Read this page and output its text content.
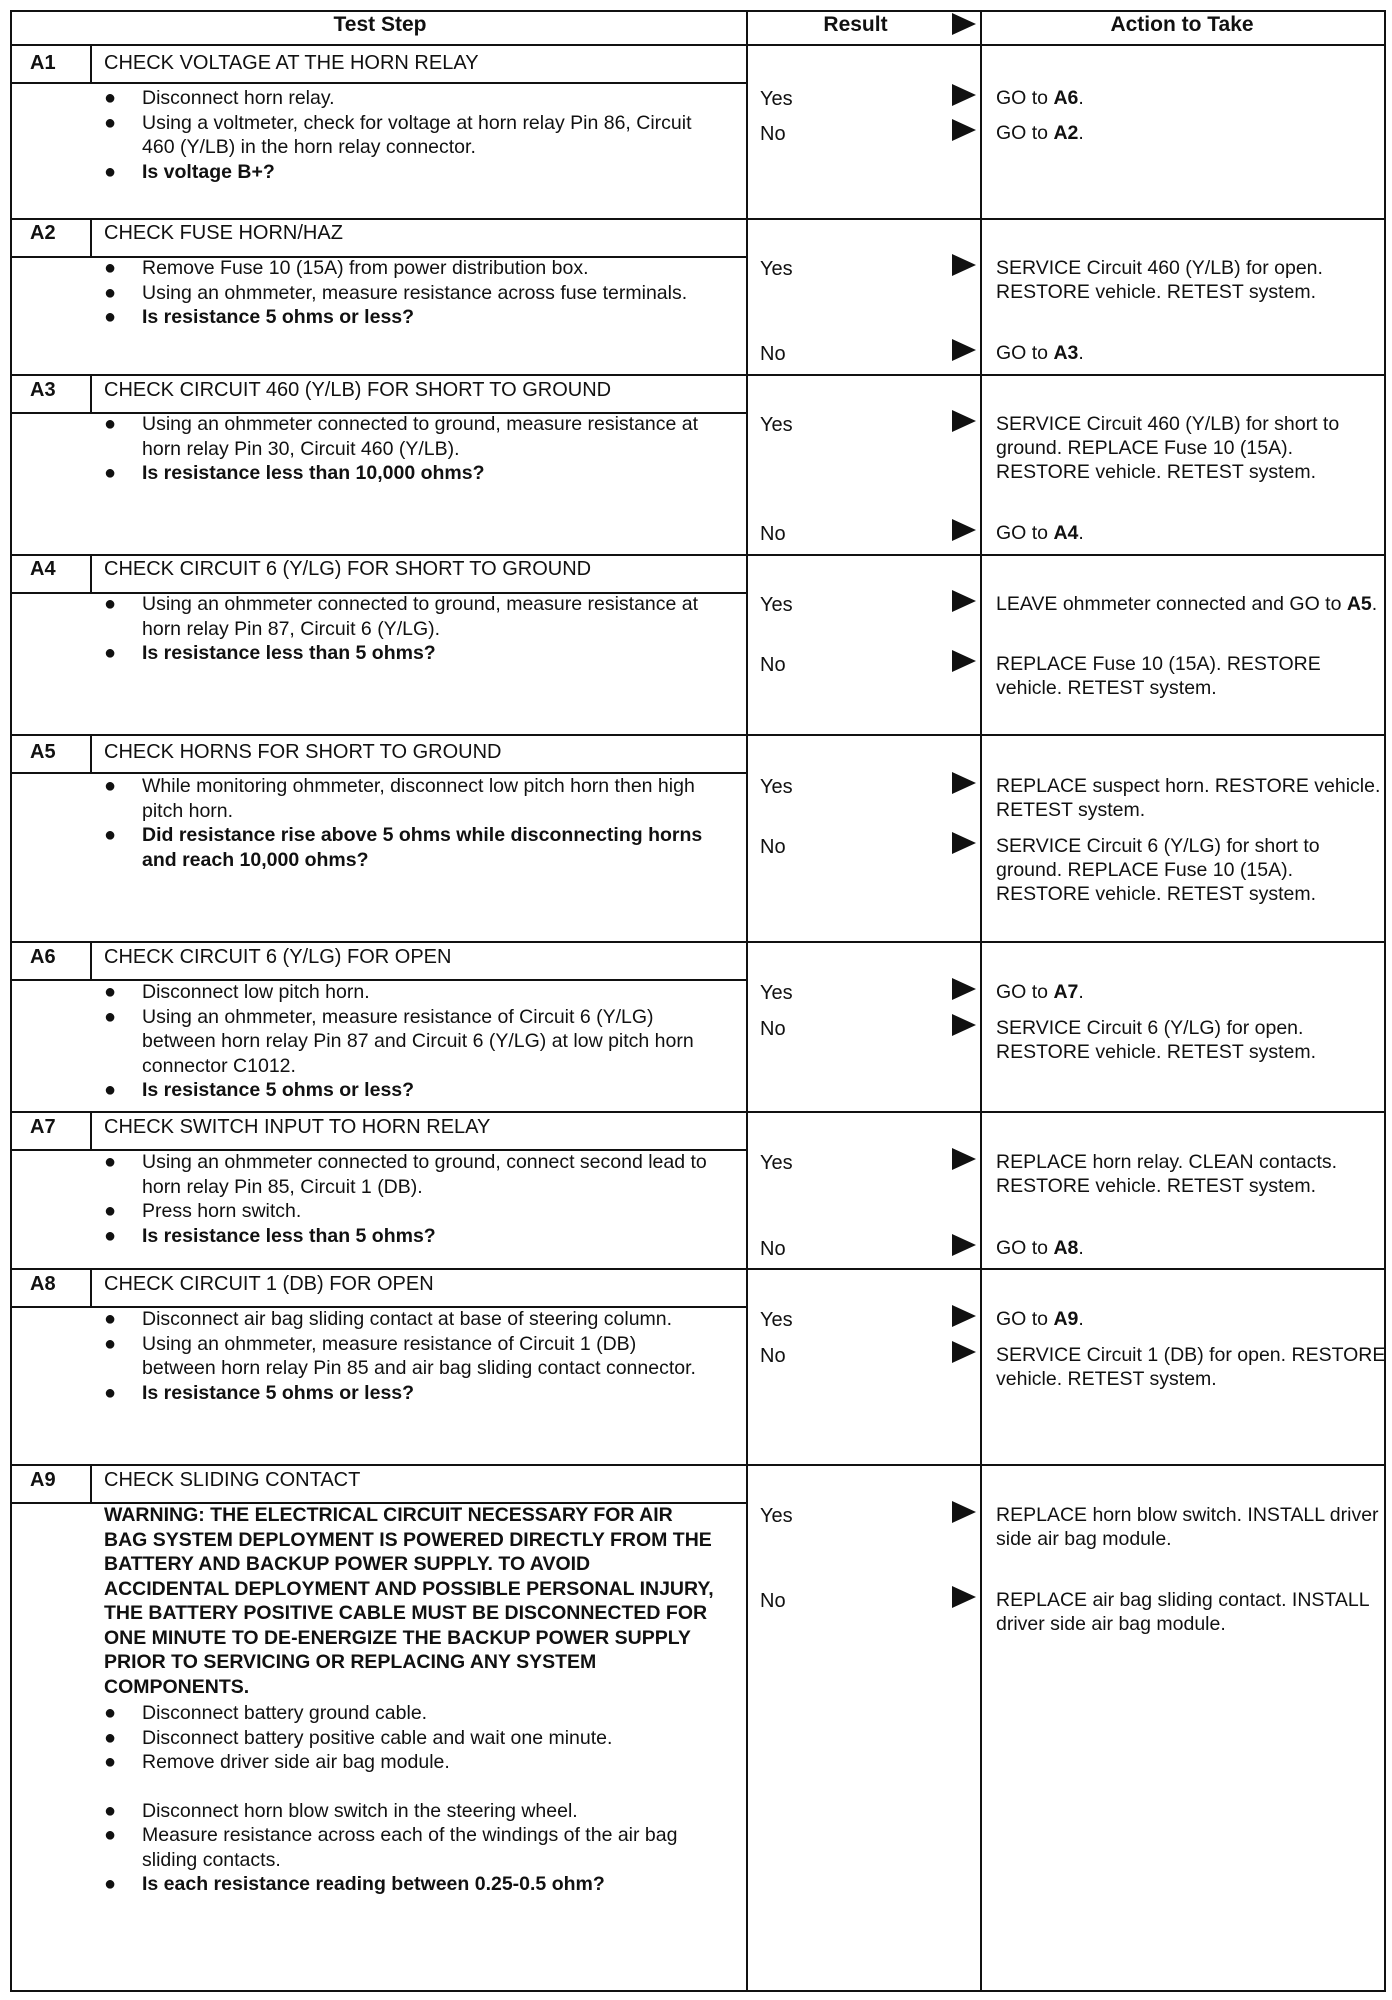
Test Step	Result	Action to Take
A1 CHECK VOLTAGE AT THE HORN RELAY
● Disconnect horn relay.
● Using a voltmeter, check for voltage at horn relay Pin 86, Circuit 460 (Y/LB) in the horn relay connector.
● Is voltage B+?
Yes	GO to A6.
No	GO to A2.
A2 CHECK FUSE HORN/HAZ
● Remove Fuse 10 (15A) from power distribution box.
● Using an ohmmeter, measure resistance across fuse terminals.
● Is resistance 5 ohms or less?
Yes	SERVICE Circuit 460 (Y/LB) for open. RESTORE vehicle. RETEST system.
No	GO to A3.
A3 CHECK CIRCUIT 460 (Y/LB) FOR SHORT TO GROUND
● Using an ohmmeter connected to ground, measure resistance at horn relay Pin 30, Circuit 460 (Y/LB).
● Is resistance less than 10,000 ohms?
Yes	SERVICE Circuit 460 (Y/LB) for short to ground. REPLACE Fuse 10 (15A). RESTORE vehicle. RETEST system.
No	GO to A4.
A4 CHECK CIRCUIT 6 (Y/LG) FOR SHORT TO GROUND
● Using an ohmmeter connected to ground, measure resistance at horn relay Pin 87, Circuit 6 (Y/LG).
● Is resistance less than 5 ohms?
Yes	LEAVE ohmmeter connected and GO to A5.
No	REPLACE Fuse 10 (15A). RESTORE vehicle. RETEST system.
A5 CHECK HORNS FOR SHORT TO GROUND
● While monitoring ohmmeter, disconnect low pitch horn then high pitch horn.
● Did resistance rise above 5 ohms while disconnecting horns and reach 10,000 ohms?
Yes	REPLACE suspect horn. RESTORE vehicle. RETEST system.
No	SERVICE Circuit 6 (Y/LG) for short to ground. REPLACE Fuse 10 (15A). RESTORE vehicle. RETEST system.
A6 CHECK CIRCUIT 6 (Y/LG) FOR OPEN
● Disconnect low pitch horn.
● Using an ohmmeter, measure resistance of Circuit 6 (Y/LG) between horn relay Pin 87 and Circuit 6 (Y/LG) at low pitch horn connector C1012.
● Is resistance 5 ohms or less?
Yes	GO to A7.
No	SERVICE Circuit 6 (Y/LG) for open. RESTORE vehicle. RETEST system.
A7 CHECK SWITCH INPUT TO HORN RELAY
● Using an ohmmeter connected to ground, connect second lead to horn relay Pin 85, Circuit 1 (DB).
● Press horn switch.
● Is resistance less than 5 ohms?
Yes	REPLACE horn relay. CLEAN contacts. RESTORE vehicle. RETEST system.
No	GO to A8.
A8 CHECK CIRCUIT 1 (DB) FOR OPEN
● Disconnect air bag sliding contact at base of steering column.
● Using an ohmmeter, measure resistance of Circuit 1 (DB) between horn relay Pin 85 and air bag sliding contact connector.
● Is resistance 5 ohms or less?
Yes	GO to A9.
No	SERVICE Circuit 1 (DB) for open. RESTORE vehicle. RETEST system.
A9 CHECK SLIDING CONTACT
WARNING: THE ELECTRICAL CIRCUIT NECESSARY FOR AIR BAG SYSTEM DEPLOYMENT IS POWERED DIRECTLY FROM THE BATTERY AND BACKUP POWER SUPPLY. TO AVOID ACCIDENTAL DEPLOYMENT AND POSSIBLE PERSONAL INJURY, THE BATTERY POSITIVE CABLE MUST BE DISCONNECTED FOR ONE MINUTE TO DE-ENERGIZE THE BACKUP POWER SUPPLY PRIOR TO SERVICING OR REPLACING ANY SYSTEM COMPONENTS.
● Disconnect battery ground cable.
● Disconnect battery positive cable and wait one minute.
● Remove driver side air bag module.
● Disconnect horn blow switch in the steering wheel.
● Measure resistance across each of the windings of the air bag sliding contacts.
● Is each resistance reading between 0.25-0.5 ohm?
Yes	REPLACE horn blow switch. INSTALL driver side air bag module.
No	REPLACE air bag sliding contact. INSTALL driver side air bag module.
